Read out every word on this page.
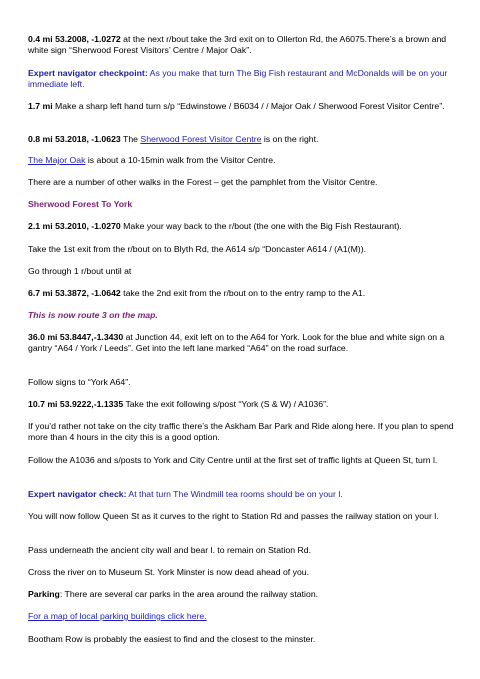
0.4 mi 53.2008, -1.0272 at the next r/bout take the 3rd exit on to Ollerton Rd, the A6075.There’s a brown and white sign “Sherwood Forest Visitors’ Centre / Major Oak”.

Expert navigator checkpoint: As you make that turn The Big Fish restaurant and McDonalds will be on your immediate left.

1.7 mi Make a sharp left hand turn s/p “Edwinstowe / B6034 / / Major Oak / Sherwood Forest Visitor Centre”.

0.8 mi 53.2018, -1.0623 The Sherwood Forest Visitor Centre is on the right.

The Major Oak is about a 10-15min walk from the Visitor Centre.

There are a number of other walks in the Forest – get the pamphlet from the Visitor Centre.

Sherwood Forest To York

2.1 mi 53.2010, -1.0270 Make your way back to the r/bout (the one with the Big Fish Restaurant).

Take the 1st exit from the r/bout on to Blyth Rd, the A614 s/p “Doncaster A614 / (A1(M)).

Go through 1 r/bout until at

6.7 mi 53.3872, -1.0642 take the 2nd exit from the r/bout on to the entry ramp to the A1.

This is now route 3 on the map.

36.0 mi 53.8447,-1.3430 at Junction 44, exit left on to the A64 for York. Look for the blue and white sign on a gantry “A64 / York / Leeds”. Get into the left lane marked “A64” on the road surface.

Follow signs to “York A64”.

10.7 mi 53.9222,-1.1335 Take the exit following s/post “York (S & W) / A1036”.

If you’d rather not take on the city traffic there’s the Askham Bar Park and Ride along here. If you plan to spend more than 4 hours in the city this is a good option.

Follow the A1036 and s/posts to York and City Centre until at the first set of traffic lights at Queen St, turn l.

Expert navigator check: At that turn The Windmill tea rooms should be on your l.

You will now follow Queen St as it curves to the right to Station Rd and passes the railway station on your l.

Pass underneath the ancient city wall and bear l. to remain on Station Rd.

Cross the river on to Museum St. York Minster is now dead ahead of you.

Parking: There are several car parks in the area around the railway station.

For a map of local parking buildings click here.

Bootham Row is probably the easiest to find and the closest to the minster.
